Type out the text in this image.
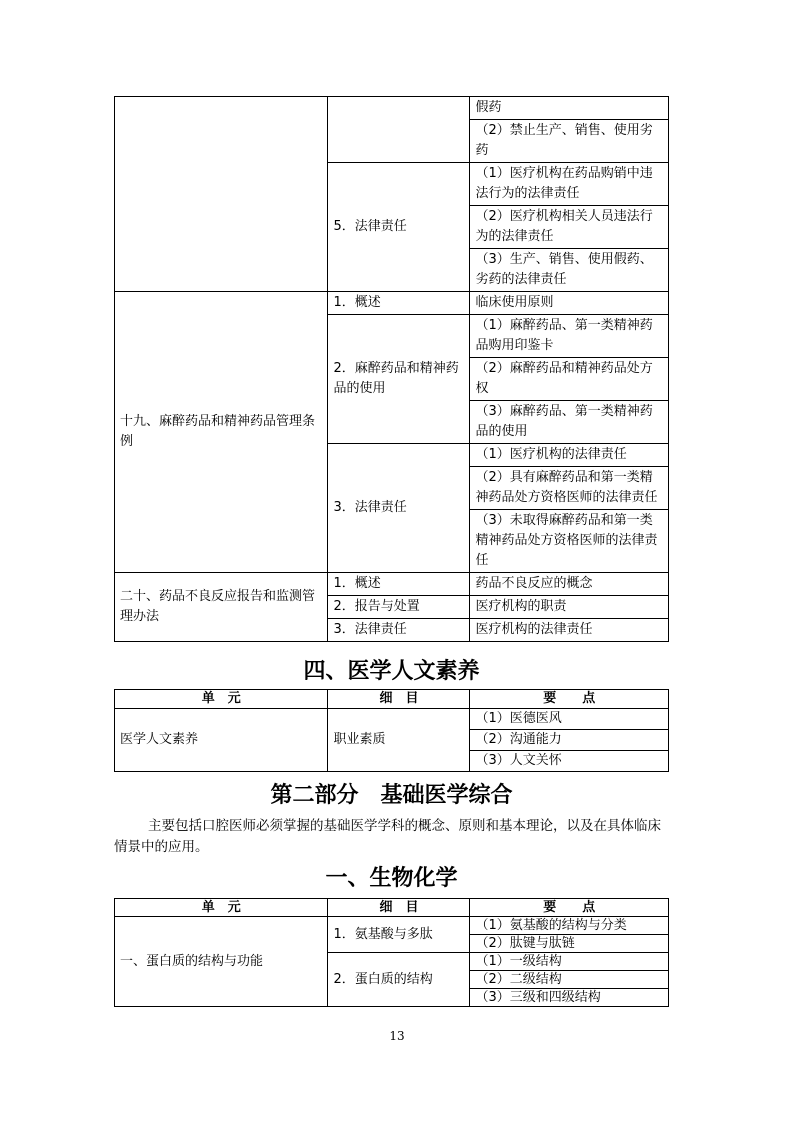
		假药
		（2）禁止生产、销售、使用劣药
	5．法律责任	（1）医疗机构在药品购销中违法行为的法律责任
		（2）医疗机构相关人员违法行为的法律责任
		（3）生产、销售、使用假药、劣药的法律责任
十九、麻醉药品和精神药品管理条例	1．概述	临床使用原则
	2．麻醉药品和精神药品的使用	（1）麻醉药品、第一类精神药品购用印鉴卡
		（2）麻醉药品和精神药品处方权
		（3）麻醉药品、第一类精神药品的使用
	3．法律责任	（1）医疗机构的法律责任
		（2）具有麻醉药品和第一类精神药品处方资格医师的法律责任
		（3）未取得麻醉药品和第一类精神药品处方资格医师的法律责任
二十、药品不良反应报告和监测管理办法	1．概述	药品不良反应的概念
	2．报告与处置	医疗机构的职责
	3．法律责任	医疗机构的法律责任
四、医学人文素养
单　元	细　目	要　　点
医学人文素养	职业素质	（1）医德医风
		（2）沟通能力
		（3）人文关怀
第二部分　基础医学综合

主要包括口腔医师必须掌握的基础医学学科的概念、原则和基本理论，以及在具体临床情景中的应用。

一、生物化学
单　元	细　目	要　　点
一、蛋白质的结构与功能	1．氨基酸与多肽	（1）氨基酸的结构与分类
		（2）肽键与肽链
	2．蛋白质的结构	（1）一级结构
		（2）二级结构
		（3）三级和四级结构
13
